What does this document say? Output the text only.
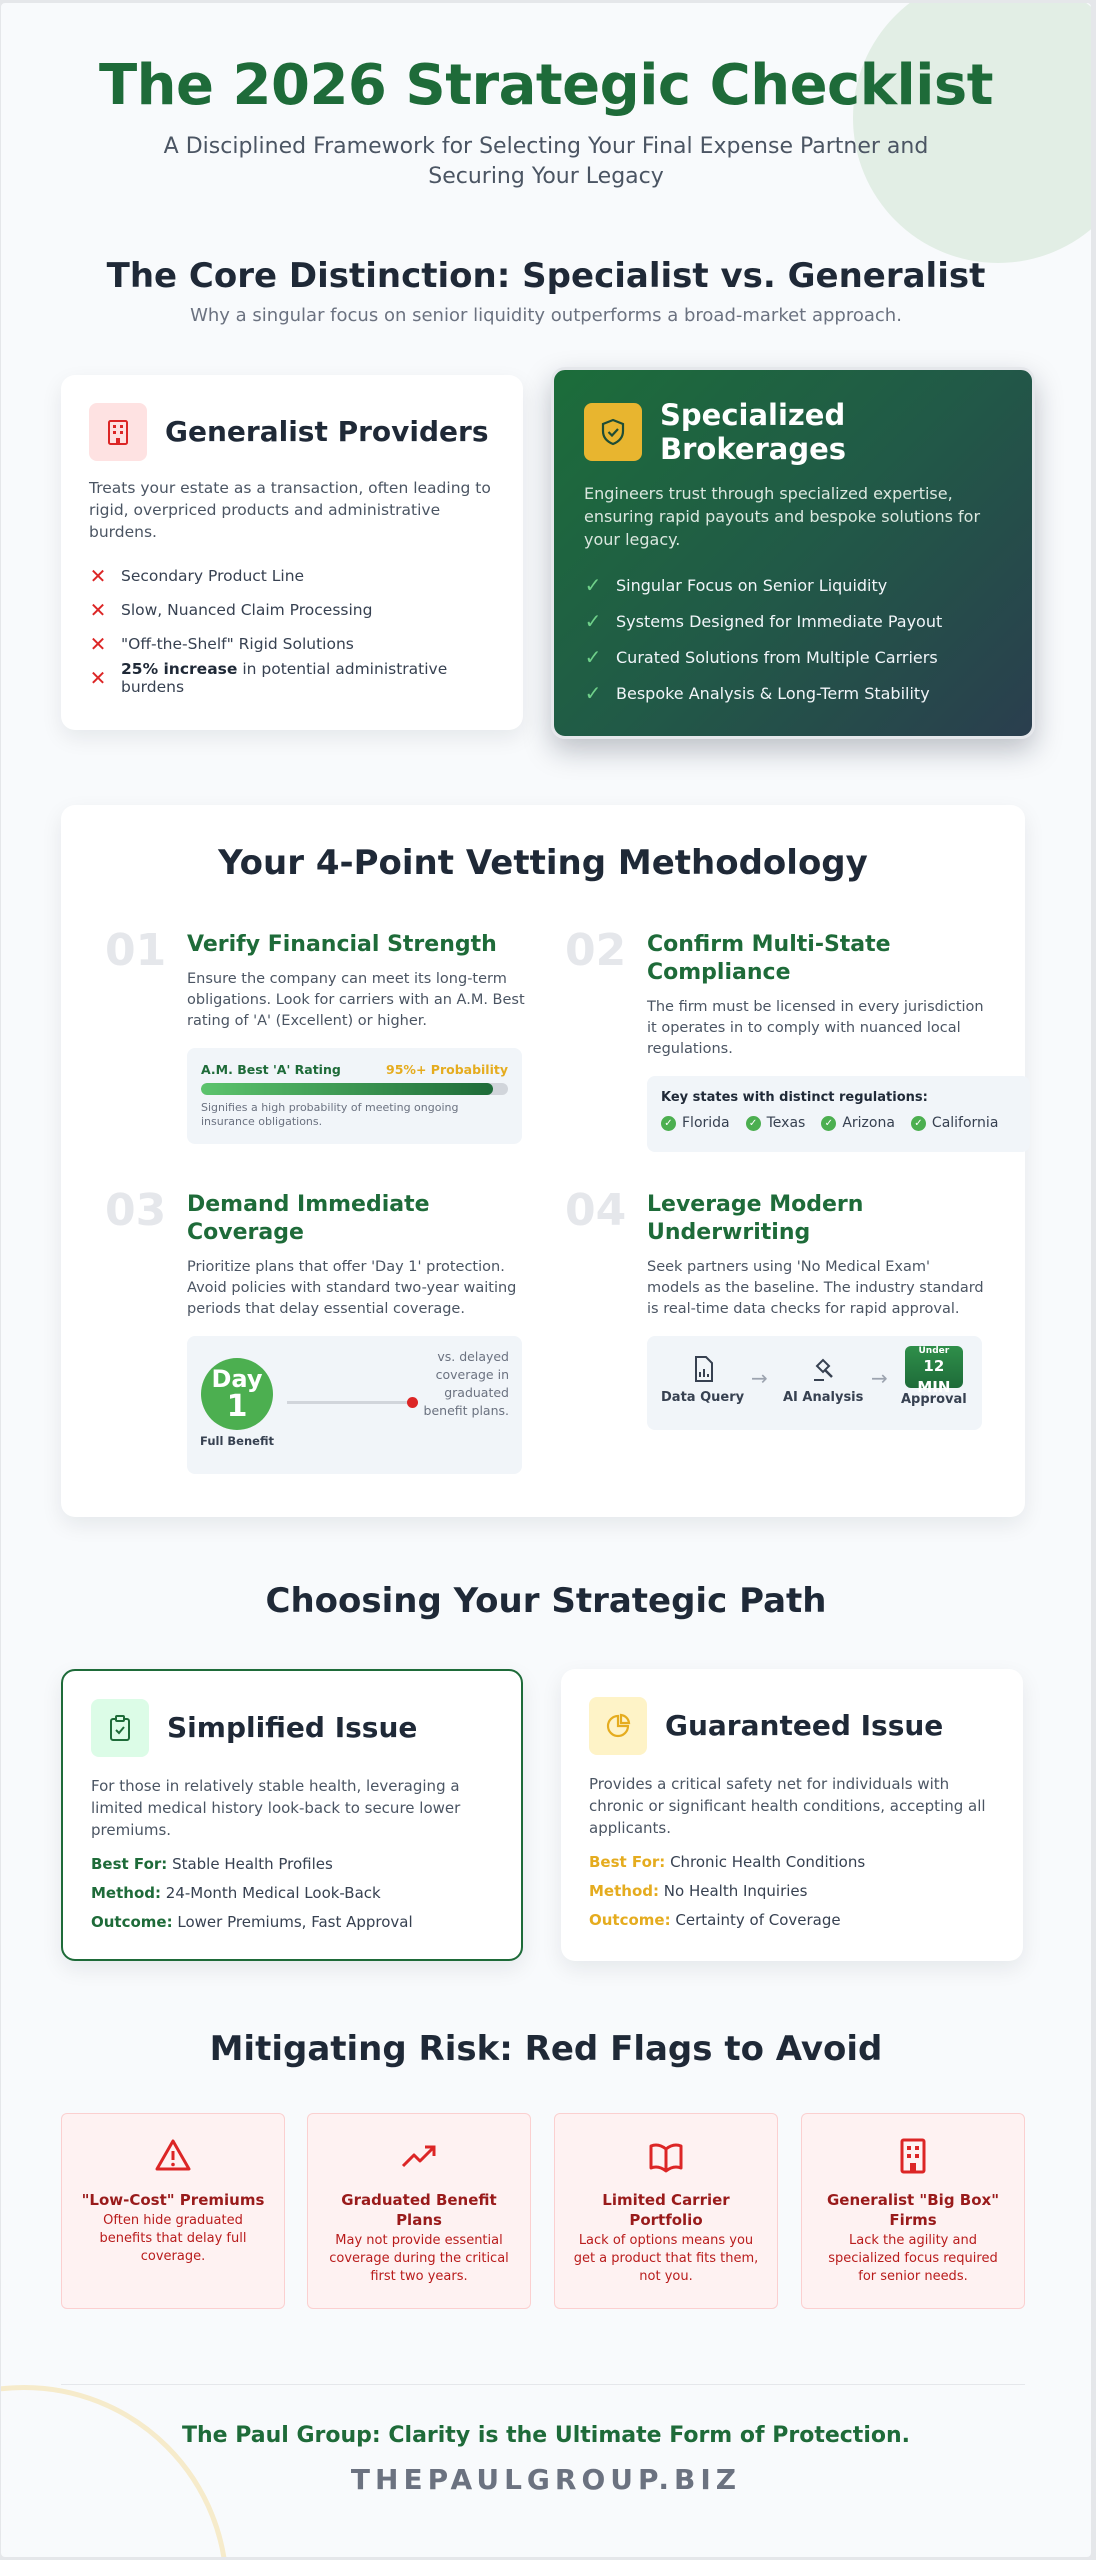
The 2026 Strategic Checklist
A Disciplined Framework for Selecting Your Final Expense Partner and Securing Your Legacy
The Core Distinction: Specialist vs. Generalist
Why a singular focus on senior liquidity outperforms a broad-market approach.
Generalist Providers
Treats your estate as a transaction, often leading to rigid, overpriced products and administrative burdens.
✕ Secondary Product Line
✕ Slow, Nuanced Claim Processing
✕ "Off-the-Shelf" Rigid Solutions
✕ 25% increase in potential administrative burdens
Specialized Brokerages
Engineers trust through specialized expertise, ensuring rapid payouts and bespoke solutions for your legacy.
✓ Singular Focus on Senior Liquidity
✓ Systems Designed for Immediate Payout
✓ Curated Solutions from Multiple Carriers
✓ Bespoke Analysis & Long-Term Stability
Your 4-Point Vetting Methodology
01 Verify Financial Strength
Ensure the company can meet its long-term obligations. Look for carriers with an A.M. Best rating of 'A' (Excellent) or higher.
A.M. Best 'A' Rating	95%+ Probability
Signifies a high probability of meeting ongoing insurance obligations.
02 Confirm Multi-State Compliance
The firm must be licensed in every jurisdiction it operates in to comply with nuanced local regulations.
Key states with distinct regulations:
✓ Florida	✓ Texas	✓ Arizona	✓ California
03 Demand Immediate Coverage
Prioritize plans that offer 'Day 1' protection. Avoid policies with standard two-year waiting periods that delay essential coverage.
Day
1
Full Benefit
vs. delayed coverage in graduated benefit plans.
04 Leverage Modern Underwriting
Seek partners using 'No Medical Exam' models as the baseline. The industry standard is real-time data checks for rapid approval.
Data Query
→
AI Analysis
→
Under
12 MIN
Approval
Choosing Your Strategic Path
Simplified Issue
For those in relatively stable health, leveraging a limited medical history look-back to secure lower premiums.
Best For: Stable Health Profiles
Method: 24-Month Medical Look-Back
Outcome: Lower Premiums, Fast Approval
Guaranteed Issue
Provides a critical safety net for individuals with chronic or significant health conditions, accepting all applicants.
Best For: Chronic Health Conditions
Method: No Health Inquiries
Outcome: Certainty of Coverage
Mitigating Risk: Red Flags to Avoid
"Low-Cost" Premiums
Often hide graduated benefits that delay full coverage.
Graduated Benefit Plans
May not provide essential coverage during the critical first two years.
Limited Carrier Portfolio
Lack of options means you get a product that fits them, not you.
Generalist "Big Box" Firms
Lack the agility and specialized focus required for senior needs.
The Paul Group: Clarity is the Ultimate Form of Protection.
THEPAULGROUP.BIZ
